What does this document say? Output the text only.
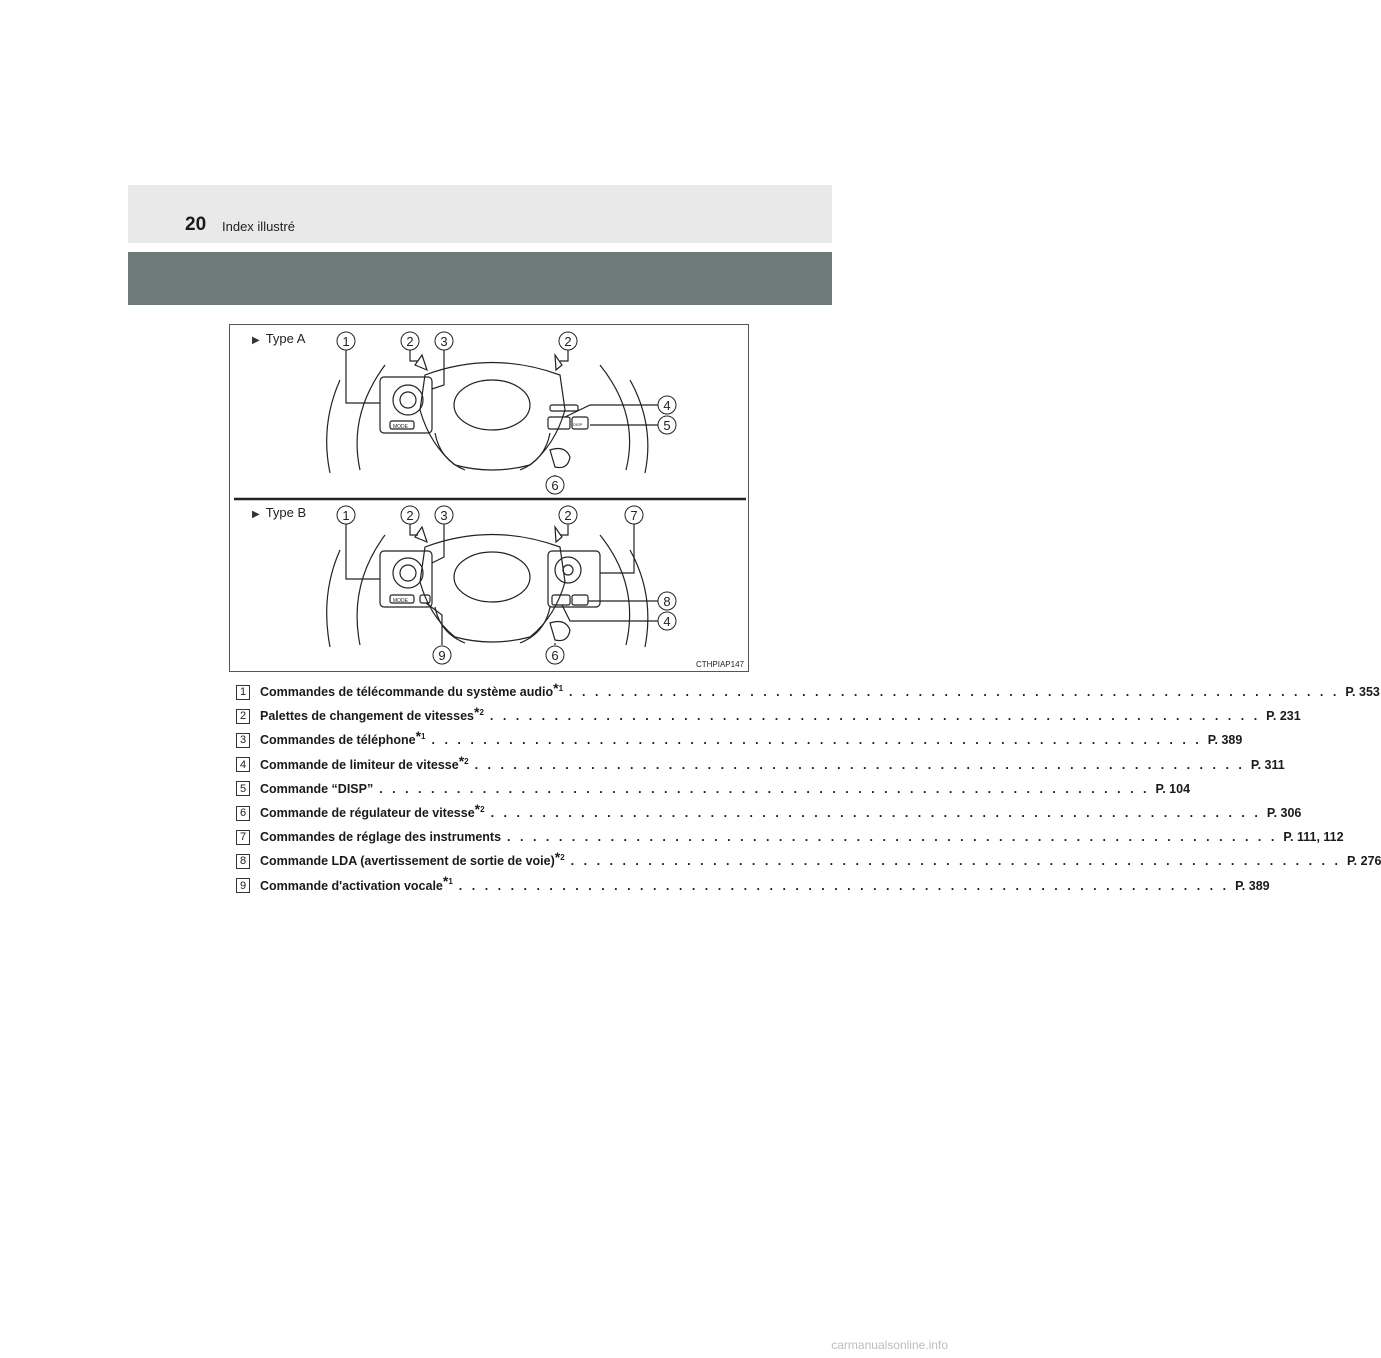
20 Index illustré
MODE	DISP
MODE
1	2 3	2
4
5
6
1	2 3	2	7
8
4
9	6
▶ Type A
▶ Type B
CTHPIAP147
1	Commandes de télécommande du système audio$^{*1}$ . . . . . . . . . . . . . . . . . . . . . . . . . . . . . . . . . . . . . . . . . . . . . . . . . . . . . . . . . . . . P. 353
2	Palettes de changement de vitesses$^{*2}$ . . . . . . . . . . . . . . . . . . . . . . . . . . . . . . . . . . . . . . . . . . . . . . . . . . . . . . . . . . . . P. 231
3	Commandes de téléphone$^{*1}$ . . . . . . . . . . . . . . . . . . . . . . . . . . . . . . . . . . . . . . . . . . . . . . . . . . . . . . . . . . . . P. 389
4	Commande de limiteur de vitesse$^{*2}$ . . . . . . . . . . . . . . . . . . . . . . . . . . . . . . . . . . . . . . . . . . . . . . . . . . . . . . . . . . . . P. 311
5	Commande “DISP” . . . . . . . . . . . . . . . . . . . . . . . . . . . . . . . . . . . . . . . . . . . . . . . . . . . . . . . . . . . . P. 104
6	Commande de régulateur de vitesse$^{*2}$ . . . . . . . . . . . . . . . . . . . . . . . . . . . . . . . . . . . . . . . . . . . . . . . . . . . . . . . . . . . . P. 306
7	Commandes de réglage des instruments . . . . . . . . . . . . . . . . . . . . . . . . . . . . . . . . . . . . . . . . . . . . . . . . . . . . . . . . . . . . P. 111, 112
8	Commande LDA (avertissement de sortie de voie)$^{*2}$ . . . . . . . . . . . . . . . . . . . . . . . . . . . . . . . . . . . . . . . . . . . . . . . . . . . . . . . . . . . . P. 276
9	Commande d'activation vocale$^{*1}$ . . . . . . . . . . . . . . . . . . . . . . . . . . . . . . . . . . . . . . . . . . . . . . . . . . . . . . . . . . . . P. 389
carmanualsonline.info
